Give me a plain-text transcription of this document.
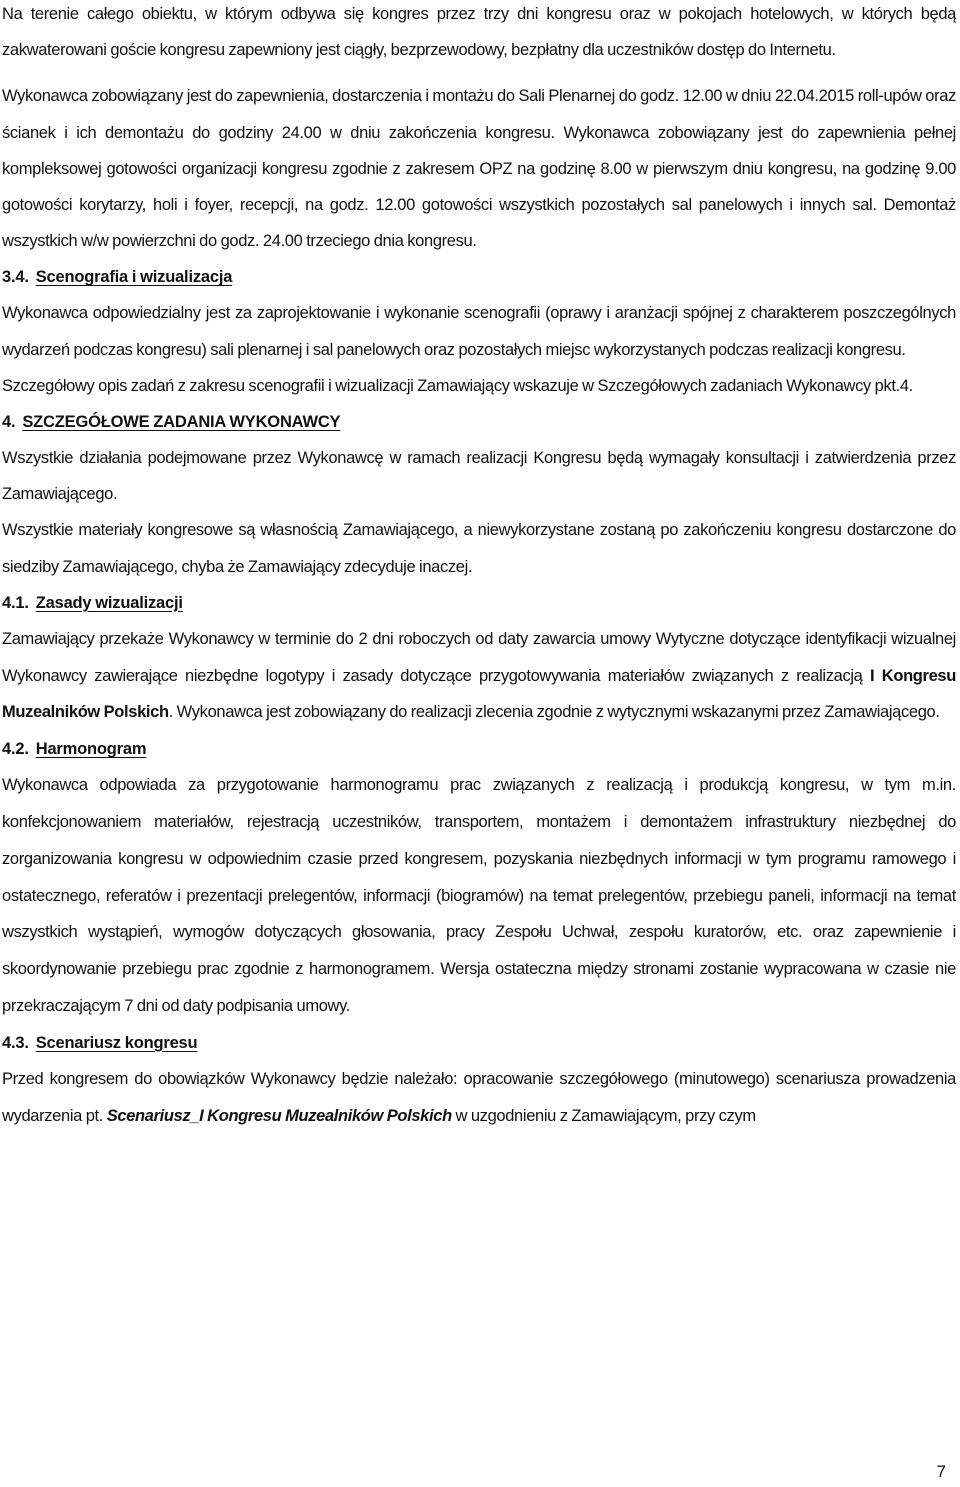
Na terenie całego obiektu, w którym odbywa się kongres przez trzy dni kongresu oraz w pokojach hotelowych, w których będą zakwaterowani goście kongresu zapewniony jest ciągły, bezprzewodowy, bezpłatny dla uczestników dostęp do Internetu.

Wykonawca zobowiązany jest do zapewnienia, dostarczenia i montażu do Sali Plenarnej do godz. 12.00 w dniu 22.04.2015 roll-upów oraz ścianek i ich demontażu do godziny 24.00 w dniu zakończenia kongresu. Wykonawca zobowiązany jest do zapewnienia pełnej kompleksowej gotowości organizacji kongresu zgodnie z zakresem OPZ na godzinę 8.00 w pierwszym dniu kongresu, na godzinę 9.00 gotowości korytarzy, holi i foyer, recepcji, na godz. 12.00 gotowości wszystkich pozostałych sal panelowych i innych sal. Demontaż wszystkich w/w powierzchni do godz. 24.00 trzeciego dnia kongresu.

3.4. Scenografia i wizualizacja

Wykonawca odpowiedzialny jest za zaprojektowanie i wykonanie scenografii (oprawy i aranżacji spójnej z charakterem poszczególnych wydarzeń podczas kongresu) sali plenarnej i sal panelowych oraz pozostałych miejsc wykorzystanych podczas realizacji kongresu.

Szczegółowy opis zadań z zakresu scenografii i wizualizacji Zamawiający wskazuje w Szczegółowych zadaniach Wykonawcy pkt.4.

4. SZCZEGÓŁOWE ZADANIA WYKONAWCY

Wszystkie działania podejmowane przez Wykonawcę w ramach realizacji Kongresu będą wymagały konsultacji i zatwierdzenia przez Zamawiającego.

Wszystkie materiały kongresowe są własnością Zamawiającego, a niewykorzystane zostaną po zakończeniu kongresu dostarczone do siedziby Zamawiającego, chyba że Zamawiający zdecyduje inaczej.

4.1. Zasady wizualizacji

Zamawiający przekaże Wykonawcy w terminie do 2 dni roboczych od daty zawarcia umowy Wytyczne dotyczące identyfikacji wizualnej Wykonawcy zawierające niezbędne logotypy i zasady dotyczące przygotowywania materiałów związanych z realizacją I Kongresu Muzealników Polskich. Wykonawca jest zobowiązany do realizacji zlecenia zgodnie z wytycznymi wskazanymi przez Zamawiającego.

4.2. Harmonogram

Wykonawca odpowiada za przygotowanie harmonogramu prac związanych z realizacją i produkcją kongresu, w tym m.in. konfekcjonowaniem materiałów, rejestracją uczestników, transportem, montażem i demontażem infrastruktury niezbędnej do zorganizowania kongresu w odpowiednim czasie przed kongresem, pozyskania niezbędnych informacji w tym programu ramowego i ostatecznego, referatów i prezentacji prelegentów, informacji (biogramów) na temat prelegentów, przebiegu paneli, informacji na temat wszystkich wystąpień, wymogów dotyczących głosowania, pracy Zespołu Uchwał, zespołu kuratorów, etc. oraz zapewnienie i skoordynowanie przebiegu prac zgodnie z harmonogramem. Wersja ostateczna między stronami zostanie wypracowana w czasie nie przekraczającym 7 dni od daty podpisania umowy.

4.3. Scenariusz kongresu

Przed kongresem do obowiązków Wykonawcy będzie należało: opracowanie szczegółowego (minutowego) scenariusza prowadzenia wydarzenia pt. Scenariusz_I Kongresu Muzealników Polskich w uzgodnieniu z Zamawiającym, przy czym

7
